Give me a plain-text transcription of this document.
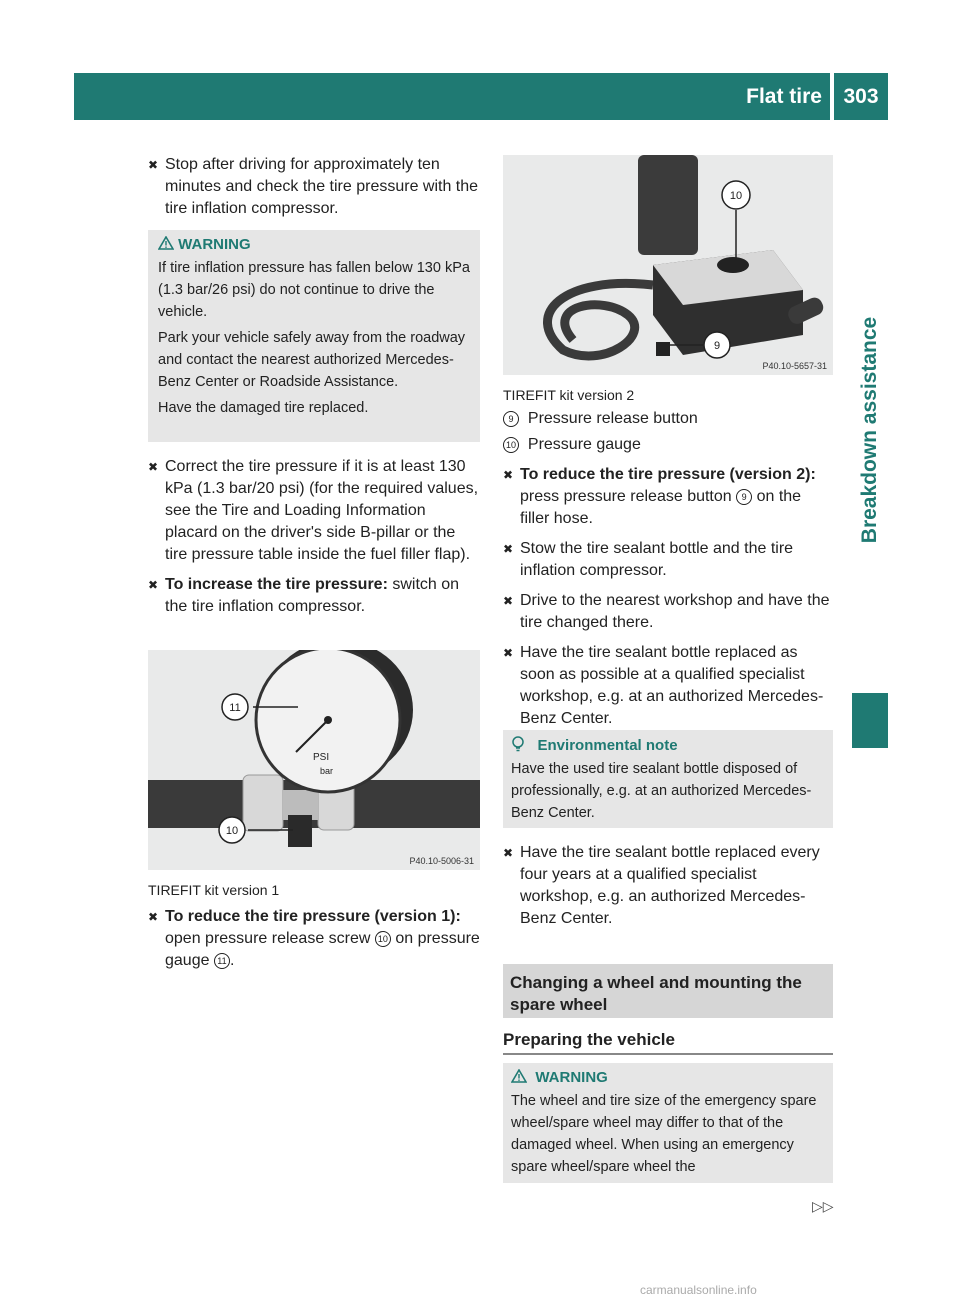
Flat tire	303
Breakdown assistance
✖ Stop after driving for approximately ten minutes and check the tire pressure with the tire inflation compressor.
WARNING
If tire inflation pressure has fallen below 130 kPa (1.3 bar/26 psi) do not continue to drive the vehicle.
Park your vehicle safely away from the roadway and contact the nearest authorized Mercedes-Benz Center or Roadside Assistance.
Have the damaged tire replaced.
✖ Correct the tire pressure if it is at least 130 kPa (1.3 bar/20 psi) (for the required values, see the Tire and Loading Information placard on the driver's side B-pillar or the tire pressure table inside the fuel filler flap).
✖ To increase the tire pressure: switch on the tire inflation compressor.
PSI
bar
11
10
P40.10-5006-31
TIREFIT kit version 1
✖ To reduce the tire pressure (version 1): open pressure release screw 10 on pressure gauge 11 .
10
9
P40.10-5657-31
TIREFIT kit version 2
9 Pressure release button
10 Pressure gauge
✖ To reduce the tire pressure (version 2): press pressure release button 9 on the filler hose.
✖ Stow the tire sealant bottle and the tire inflation compressor.
✖ Drive to the nearest workshop and have the tire changed there.
✖ Have the tire sealant bottle replaced as soon as possible at a qualified specialist workshop, e.g. at an authorized Mercedes-Benz Center.
Environmental note
Have the used tire sealant bottle disposed of professionally, e.g. at an authorized Mercedes-Benz Center.
✖ Have the tire sealant bottle replaced every four years at a qualified specialist workshop, e.g. an authorized Mercedes-Benz Center.
Changing a wheel and mounting the spare wheel
Preparing the vehicle
WARNING
The wheel and tire size of the emergency spare wheel/spare wheel may differ to that of the damaged wheel. When using an emergency spare wheel/spare wheel the
▷▷
carmanualsonline.info
